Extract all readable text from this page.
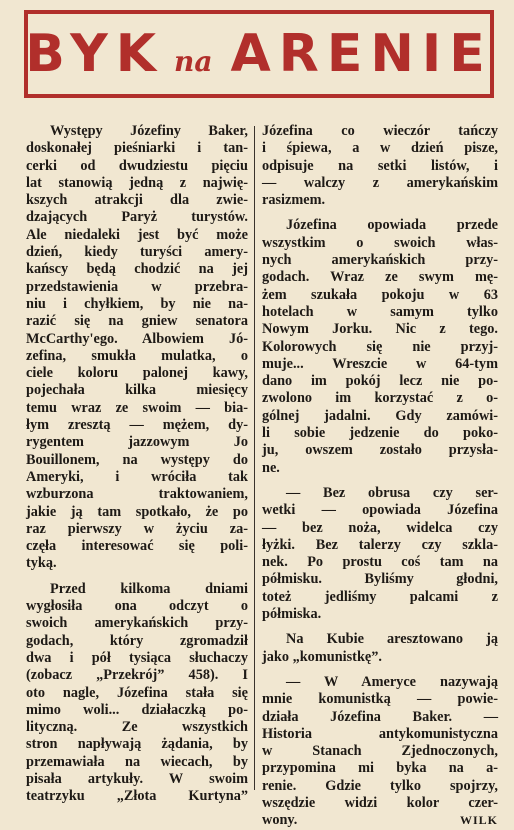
BYK na ARENIE
Występy Józefiny Baker,
doskonałej pieśniarki i tan-
cerki od dwudziestu pięciu
lat stanowią jedną z najwię-
kszych atrakcji dla zwie-
dzających Paryż turystów.
Ale niedaleki jest być może
dzień, kiedy turyści amery-
kańscy będą chodzić na jej
przedstawienia w przebra-
niu i chyłkiem, by nie na-
razić się na gniew senatora
McCarthy'ego. Albowiem Jó-
zefina, smukła mulatka, o
ciele koloru palonej kawy,
pojechała kilka miesięcy
temu wraz ze swoim — bia-
łym zresztą — mężem, dy-
rygentem jazzowym Jo
Bouillonem, na występy do
Ameryki, i wróciła tak
wzburzona traktowaniem,
jakie ją tam spotkało, że po
raz pierwszy w życiu za-
częła interesować się poli-
tyką.
Przed kilkoma dniami
wygłosiła ona odczyt o
swoich amerykańskich przy-
godach, który zgromadził
dwa i pół tysiąca słuchaczy
(zobacz „Przekrój” 458). I
oto nagle, Józefina stała się
mimo woli... działaczką po-
lityczną. Ze wszystkich
stron napływają żądania, by
przemawiała na wiecach, by
pisała artykuły. W swoim
teatrzyku „Złota Kurtyna”
Józefina co wieczór tańczy
i śpiewa, a w dzień pisze,
odpisuje na setki listów, i
— walczy z amerykańskim
rasizmem.
Józefina opowiada przede
wszystkim o swoich włas-
nych amerykańskich przy-
godach. Wraz ze swym mę-
żem szukała pokoju w 63
hotelach w samym tylko
Nowym Jorku. Nic z tego.
Kolorowych się nie przyj-
muje... Wreszcie w 64-tym
dano im pokój lecz nie po-
zwolono im korzystać z o-
gólnej jadalni. Gdy zamówi-
li sobie jedzenie do poko-
ju, owszem zostało przysła-
ne.
— Bez obrusa czy ser-
wetki — opowiada Józefina
— bez noża, widelca czy
łyżki. Bez talerzy czy szkla-
nek. Po prostu coś tam na
półmisku. Byliśmy głodni,
toteż jedliśmy palcami z
półmiska.
Na Kubie aresztowano ją
jako „komunistkę”.
— W Ameryce nazywają
mnie komunistką — powie-
działa Józefina Baker. —
Historia antykomunistyczna
w Stanach Zjednoczonych,
przypomina mi byka na a-
renie. Gdzie tylko spojrzy,
wszędzie widzi kolor czer-
wony.	WILK
